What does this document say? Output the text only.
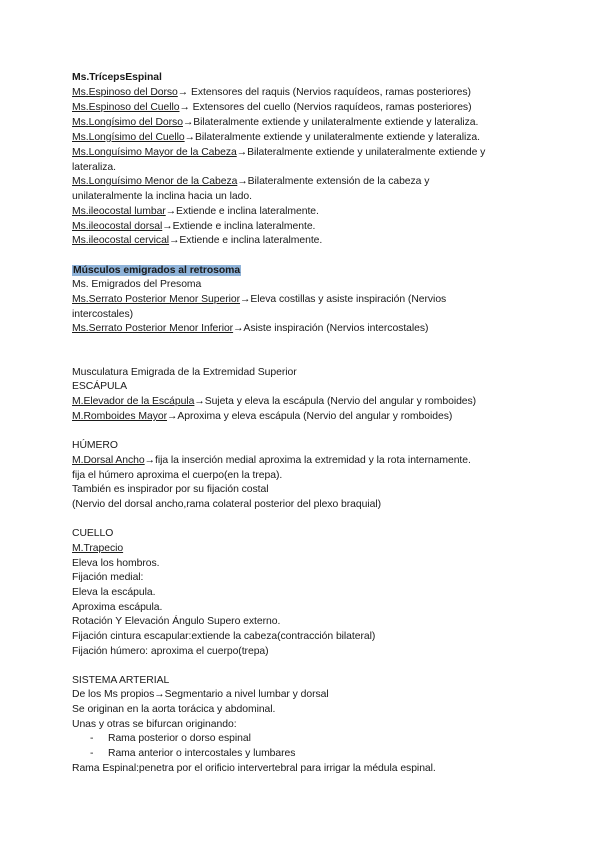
Ms.TrícepsEspinal
Ms.Espinoso del Dorso→ Extensores del raquis (Nervios raquídeos, ramas posteriores)
Ms.Espinoso del Cuello→ Extensores del cuello (Nervios raquídeos, ramas posteriores)
Ms.Longísimo del Dorso→Bilateralmente extiende y unilateralmente extiende y lateraliza.
Ms.Longísimo del Cuello→Bilateralmente extiende y unilateralmente extiende y lateraliza.
Ms.Longuísimo Mayor de la Cabeza→Bilateralmente extiende y unilateralmente extiende y
lateraliza.
Ms.Longuísimo Menor de la Cabeza→Bilateralmente extensión de la cabeza y
unilateralmente la inclina hacia un lado.
Ms.ileocostal lumbar→Extiende e inclina lateralmente.
Ms.ileocostal dorsal→Extiende e inclina lateralmente.
Ms.ileocostal cervical→Extiende e inclina lateralmente.
Músculos emigrados al retrosoma
Ms. Emigrados del Presoma
Ms.Serrato Posterior Menor Superior→Eleva costillas y asiste inspiración (Nervios
intercostales)
Ms.Serrato Posterior Menor Inferior→Asiste inspiración (Nervios intercostales)
Musculatura Emigrada de la Extremidad Superior
ESCÁPULA
M.Elevador de la Escápula→Sujeta y eleva la escápula (Nervio del angular y romboides)
M.Romboides Mayor→Aproxima y eleva escápula (Nervio del angular y romboides)
HÚMERO
M.Dorsal Ancho→fija la inserción medial aproxima la extremidad y la rota internamente.
fija el húmero aproxima el cuerpo(en la trepa).
También es inspirador por su fijación costal
(Nervio del dorsal ancho,rama colateral posterior del plexo braquial)
CUELLO
M.Trapecio
Eleva los hombros.
Fijación medial:
Eleva la escápula.
Aproxima escápula.
Rotación Y Elevación Ángulo Supero externo.
Fijación cintura escapular:extiende la cabeza(contracción bilateral)
Fijación húmero: aproxima el cuerpo(trepa)
SISTEMA ARTERIAL
De los Ms propios→Segmentario a nivel lumbar y dorsal
Se originan en la aorta torácica y abdominal.
Unas y otras se bifurcan originando:
- Rama posterior o dorso espinal
- Rama anterior o intercostales y lumbares
Rama Espinal:penetra por el orificio intervertebral para irrigar la médula espinal.
